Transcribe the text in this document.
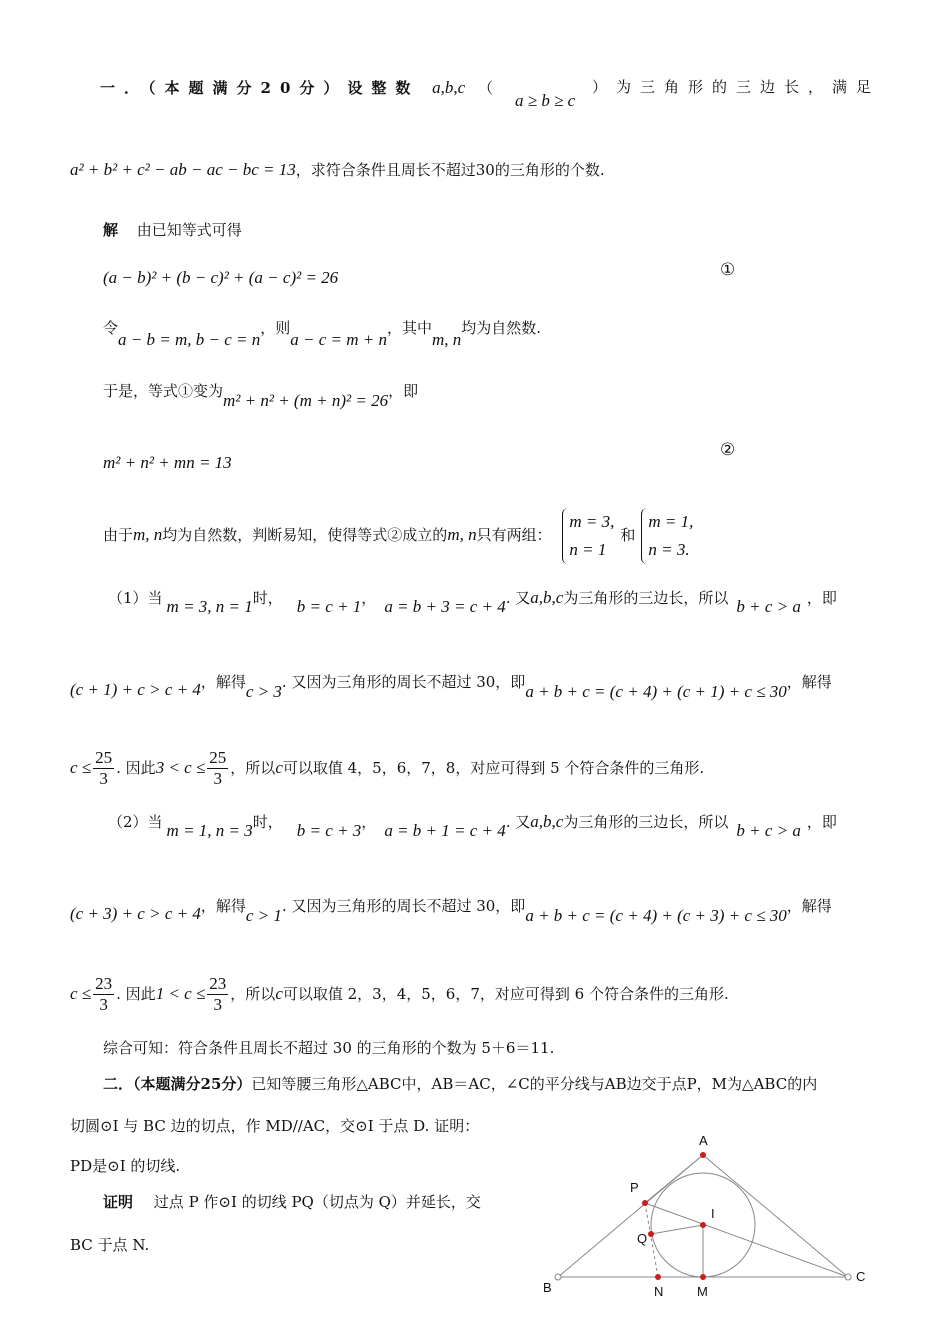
一．（本题满分20分）设整数 a,b,c （
a ≥ b ≥ c
）为三角形的三边长，满足
a² + b² + c² − ab − ac − bc = 13，求符合条件且周长不超过30的三角形的个数.
解 由已知等式可得
(a − b)² + (b − c)² + (a − c)² = 26	①
令a − b = m, b − c = n，则a − c = m + n，其中m, n均为自然数.
于是，等式①变为m² + n² + (m + n)² = 26，即
m² + n² + mn = 13
②
由于m, n均为自然数，判断易知，使得等式②成立的m, n只有两组：
m = 3,
n = 1
和
m = 1,
n = 3.
（1）当 m = 3, n = 1时， b = c + 1， a = b + 3 = c + 4. 又a,b,c为三角形的三边长，所以 b + c > a ，即
(c + 1) + c > c + 4，解得c > 3. 又因为三角形的周长不超过 30，即a + b + c = (c + 4) + (c + 1) + c ≤ 30，解得
$c \le \frac{25}{3}$ . 因此$3 < c \le \frac{25}{3}$ ，所以c可以取值 4，5，6，7，8，对应可得到 5 个符合条件的三角形.
（2）当 m = 1, n = 3时， b = c + 3， a = b + 1 = c + 4. 又a,b,c为三角形的三边长，所以 b + c > a ，即
(c + 3) + c > c + 4，解得c > 1. 又因为三角形的周长不超过 30，即a + b + c = (c + 4) + (c + 3) + c ≤ 30，解得
$c \le \frac{23}{3}$ . 因此$1 < c \le \frac{23}{3}$ ，所以c可以取值 2，3，4，5，6，7，对应可得到 6 个符合条件的三角形.
综合可知：符合条件且周长不超过 30 的三角形的个数为 5＋6＝11.
二．（本题满分25分）已知等腰三角形△ABC中，AB＝AC，∠C的平分线与AB边交于点P，M为△ABC的内
切圆⊙I 与 BC 边的切点，作 MD//AC，交⊙I 于点 D. 证明：
PD是⊙I 的切线.
证明 过点 P 作⊙I 的切线 PQ（切点为 Q）并延长，交
BC 于点 N.
A
P
I
Q
B
C
N	M
